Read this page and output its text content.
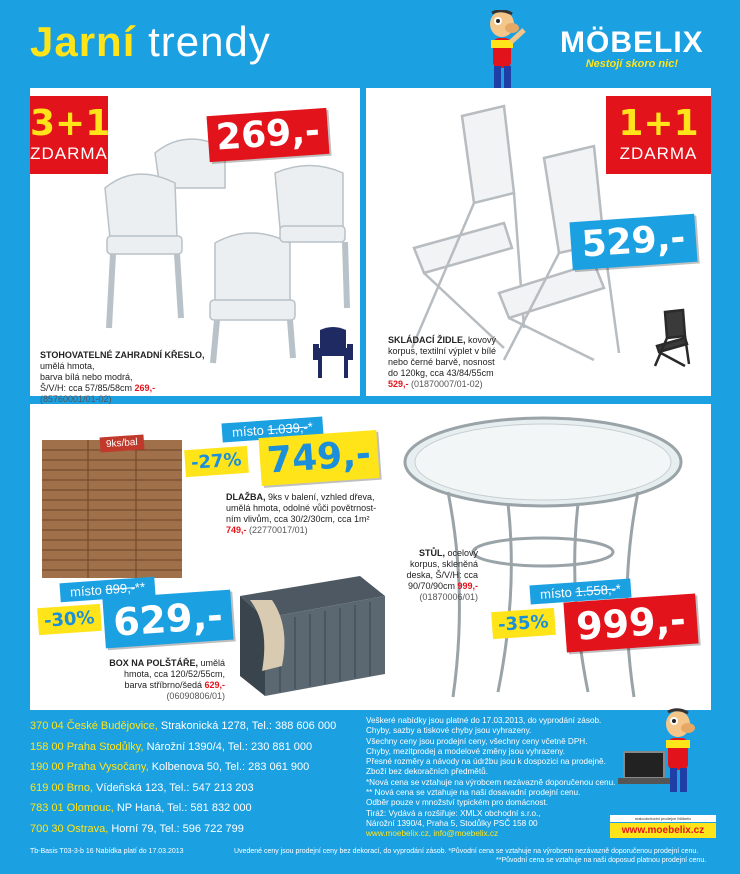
Jarní trendy	MÖBELIX
Nestojí skoro nic!
3+1
ZDARMA	269,-
STOHOVATELNÉ ZAHRADNÍ KŘESLO, umělá hmota,
barva bílá nebo modrá,
Š/V/H: cca 57/85/58cm 269,-
(85760001/01-02)
1+1
ZDARMA
529,-
SKLÁDACÍ ŽIDLE, kovový
korpus, textilní výplet v bílé
nebo černé barvě, nosnost
do 120kg, cca 43/84/55cm
529,- (01870007/01-02)
9ks/bal
místo 1.039,-*
-27% 749,-
DLAŽBA, 9ks v balení, vzhled dřeva,
umělá hmota, odolné vůči povětrnost-
ním vlivům, cca 30/2/30cm, cca 1m²
749,- (22770017/01)
STŮL, ocelový
korpus, skleněná
deska, Š/V/H: cca
90/70/90cm 999,-
(01870006/01)	místo 1.558,-*
-35% 999,-
místo 899,-**
-30% 629,-
BOX NA POLŠTÁŘE, umělá
hmota, cca 120/52/55cm,
barva stříbrno/šedá 629,-
(06090806/01)
370 04 České Budějovice, Strakonická 1278, Tel.: 388 606 000
158 00 Praha Stodůlky, Nárožní 1390/4, Tel.: 230 881 000
190 00 Praha Vysočany, Kolbenova 50, Tel.: 283 061 900
619 00 Brno, Vídeňská 123, Tel.: 547 213 203
783 01 Olomouc, NP Haná, Tel.: 581 832 000
700 30 Ostrava, Horní 79, Tel.: 596 722 799
Veškeré nabídky jsou platné do 17.03.2013, do vyprodání zásob.
Chyby, sazby a tiskové chyby jsou vyhrazeny.
Všechny ceny jsou prodejní ceny, všechny ceny včetně DPH.
Chyby, mezitprodej a modelové změny jsou vyhrazeny.
Přesné rozměry a návody na údržbu jsou k dospozici na prodejně.
Zboží bez dekoračních předmětů.
*Nová cena se vztahuje na výrobcem nezávazně doporučenou cenu.
** Nová cena se vztahuje na naši dosavadní prodejní cenu.
Odběr pouze v množství typickém pro domácnost.
Tiráž: Vydává a rozšiřuje: XMLX obchodní s.r.o.,
Nárožní 1390/4, Praha 5, Stodůlky PSČ 158 00
www.moebelix.cz, info@moebelix.cz
maloobchodni prodejce Möbelix
www.moebelix.cz
Tb-Basis T03-3-b 16 Nabídka platí do 17.03.2013	Uvedené ceny jsou prodejní ceny bez dekorací, do vyprodání zásob. *Původní cena se vztahuje na výrobcem nezávazně doporučenou prodejní cenu.
**Původní cena se vztahuje na naši doposud platnou prodejní cenu.
